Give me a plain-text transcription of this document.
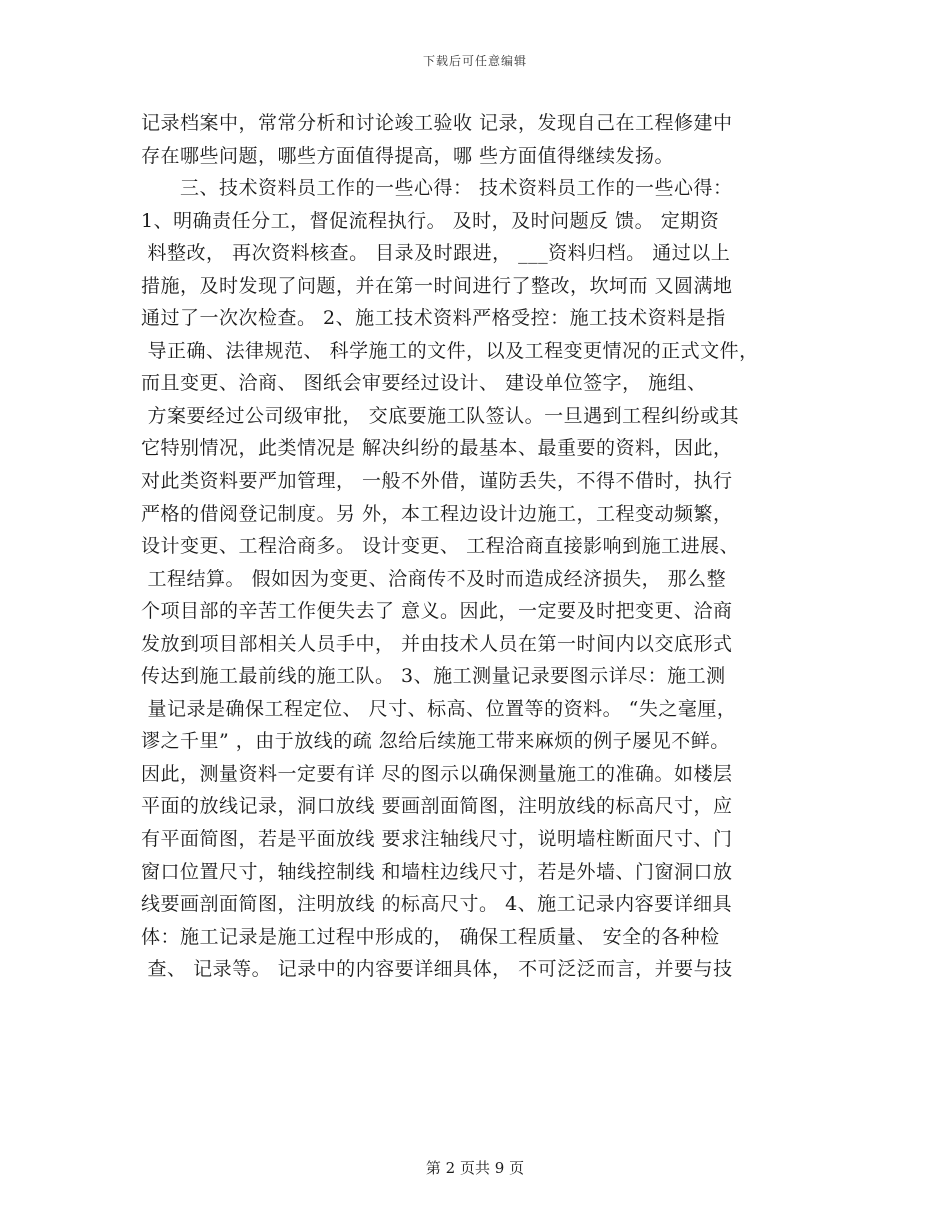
下载后可任意编辑
记录档案中，常常分析和讨论竣工验收 记录，发现自己在工程修建中
存在哪些问题，哪些方面值得提高，哪 些方面值得继续发扬。
　　三、技术资料员工作的一些心得： 技术资料员工作的一些心得：
1、明确责任分工，督促流程执行。 及时，及时问题反 馈。 定期资
料整改， 再次资料核查。 目录及时跟进， ___资料归档。 通过以上
措施，及时发现了问题，并在第一时间进行了整改，坎坷而 又圆满地
通过了一次次检查。 2、施工技术资料严格受控：施工技术资料是指
导正确、法律规范、 科学施工的文件，以及工程变更情况的正式文件，
而且变更、洽商、 图纸会审要经过设计、 建设单位签字， 施组、
方案要经过公司级审批， 交底要施工队签认。一旦遇到工程纠纷或其
它特别情况，此类情况是 解决纠纷的最基本、最重要的资料，因此，
对此类资料要严加管理， 一般不外借，谨防丢失，不得不借时，执行
严格的借阅登记制度。另 外，本工程边设计边施工，工程变动频繁，
设计变更、工程洽商多。 设计变更、 工程洽商直接影响到施工进展、
工程结算。 假如因为变更、洽商传不及时而造成经济损失， 那么整
个项目部的辛苦工作便失去了 意义。因此，一定要及时把变更、洽商
发放到项目部相关人员手中， 并由技术人员在第一时间内以交底形式
传达到施工最前线的施工队。 3、施工测量记录要图示详尽：施工测
量记录是确保工程定位、 尺寸、标高、位置等的资料。 “失之毫厘，
谬之千里” ，由于放线的疏 忽给后续施工带来麻烦的例子屡见不鲜。
因此，测量资料一定要有详 尽的图示以确保测量施工的准确。如楼层
平面的放线记录，洞口放线 要画剖面简图，注明放线的标高尺寸，应
有平面简图，若是平面放线 要求注轴线尺寸，说明墙柱断面尺寸、门
窗口位置尺寸，轴线控制线 和墙柱边线尺寸，若是外墙、门窗洞口放
线要画剖面简图，注明放线 的标高尺寸。 4、施工记录内容要详细具
体：施工记录是施工过程中形成的， 确保工程质量、 安全的各种检
查、 记录等。 记录中的内容要详细具体， 不可泛泛而言，并要与技
第 2 页共 9 页
